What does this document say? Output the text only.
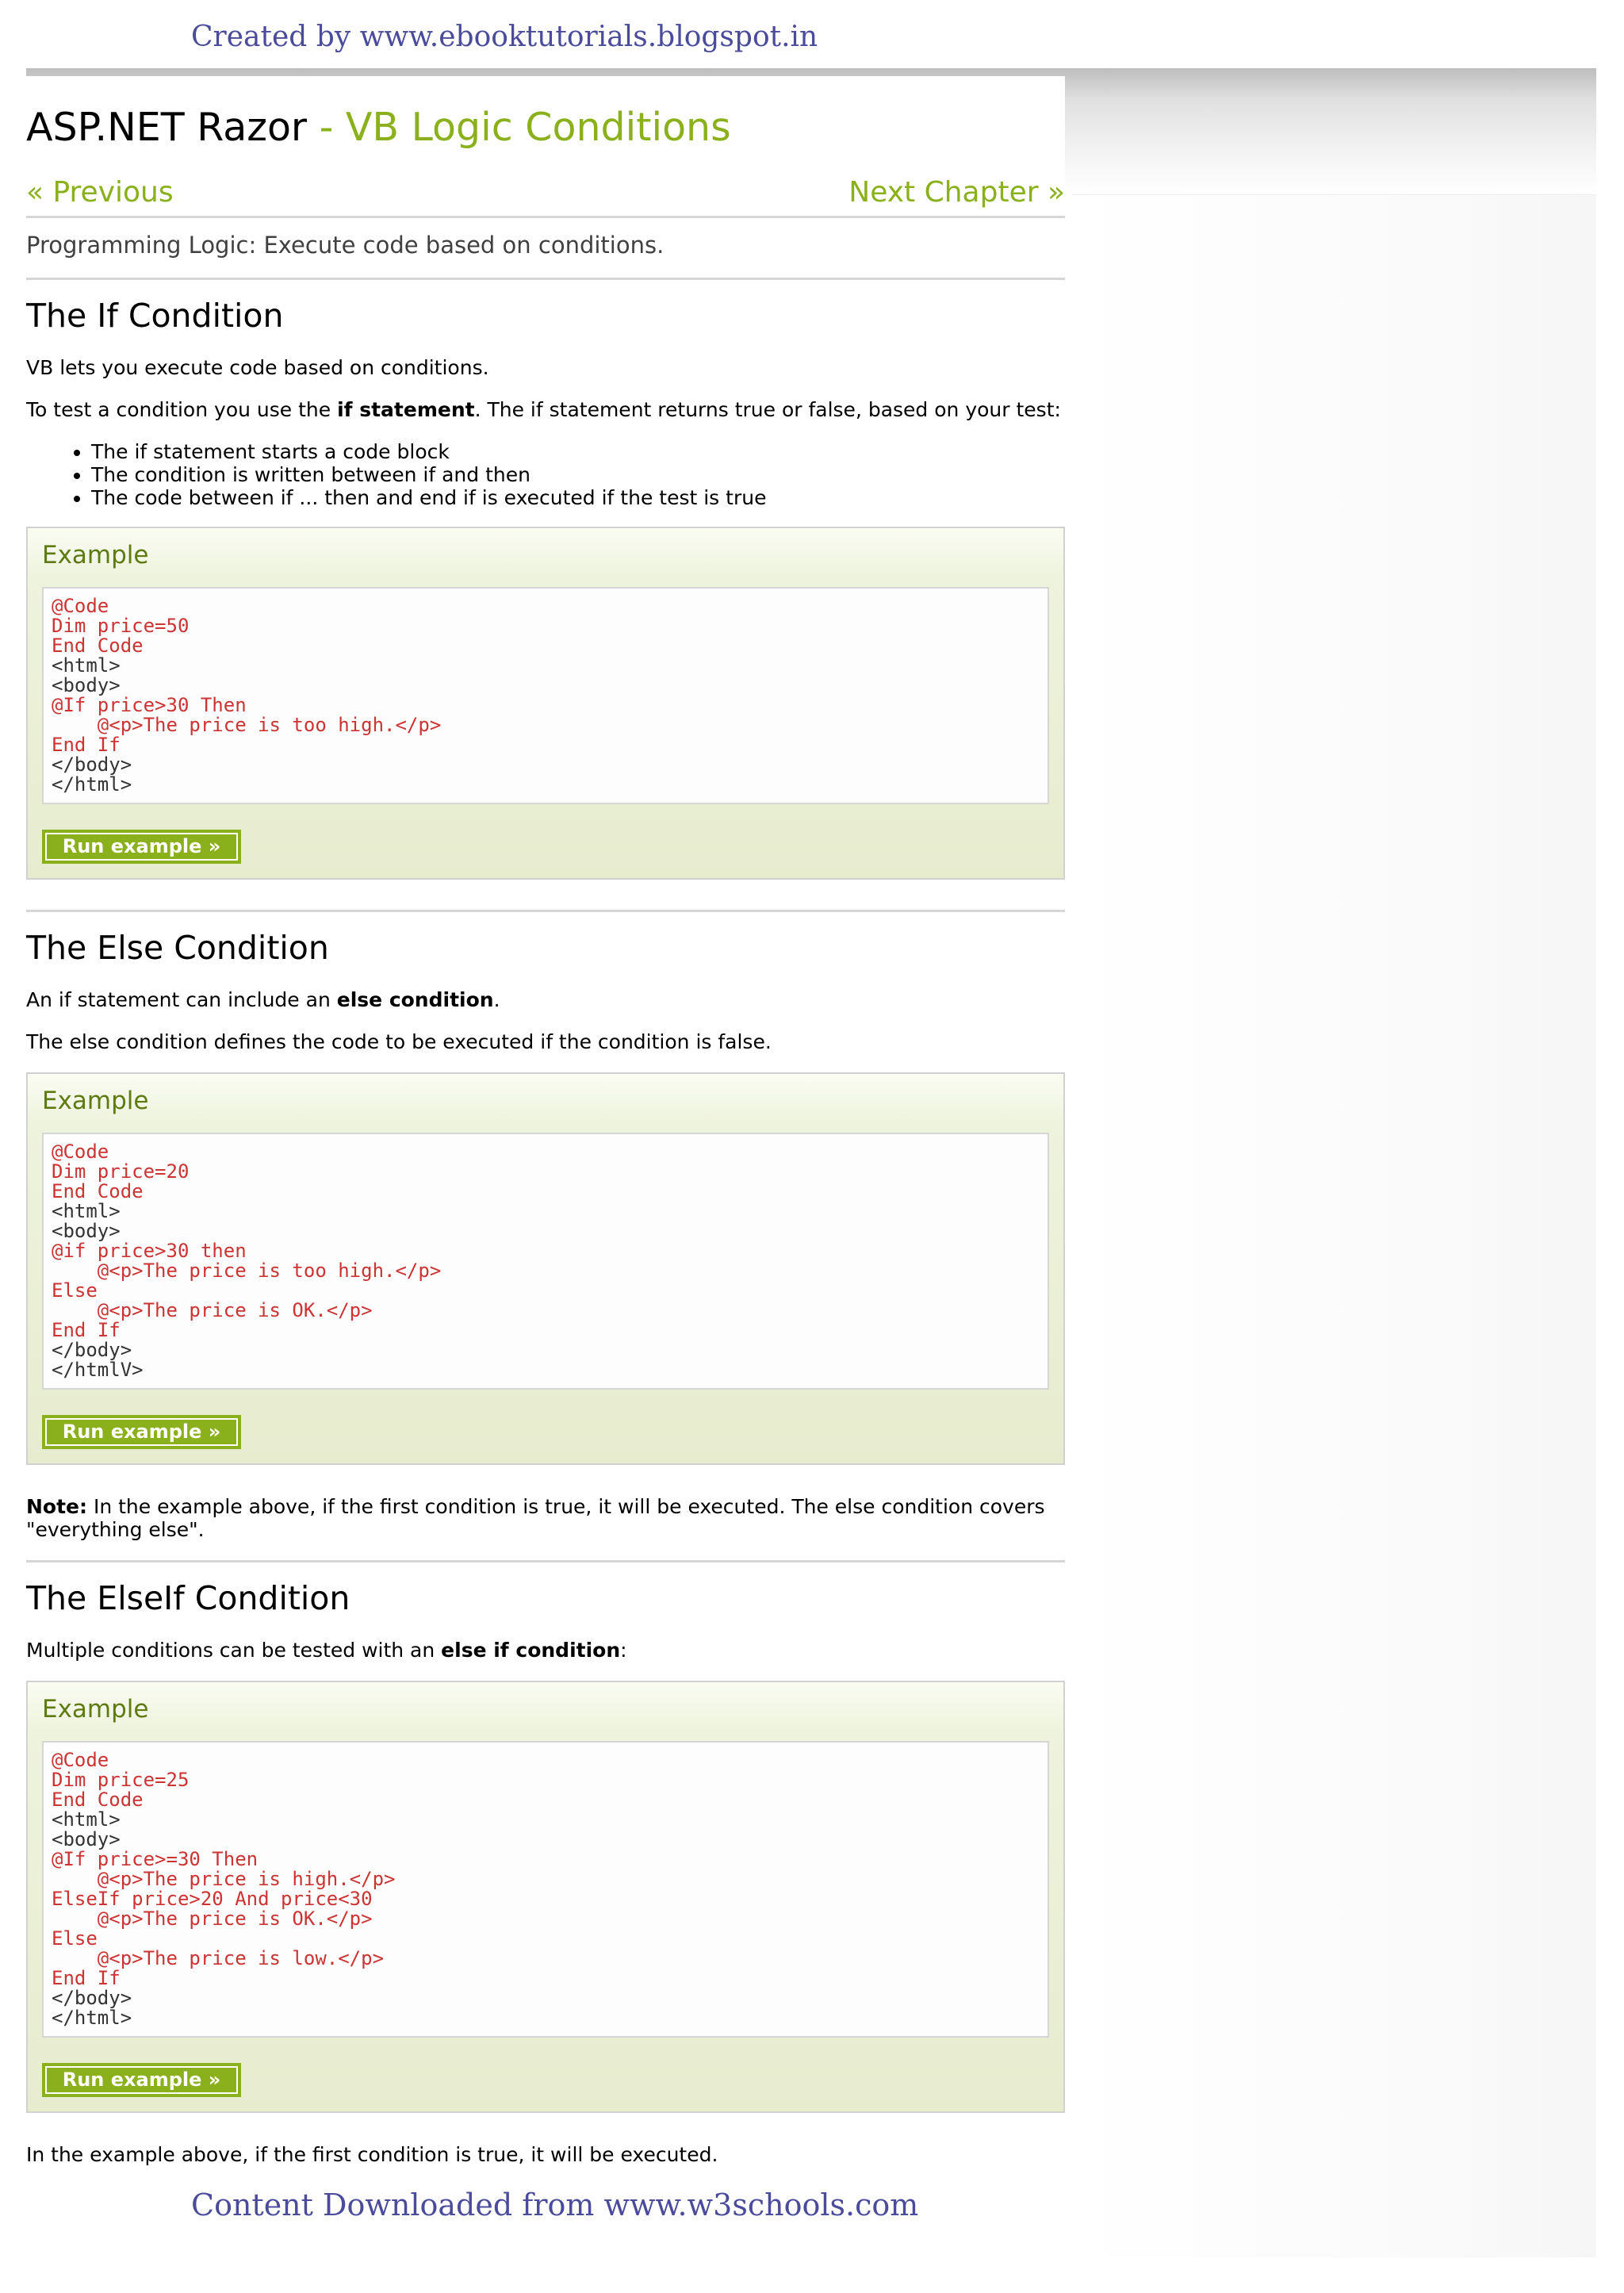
Created by www.ebooktutorials.blogspot.in
ASP.NET Razor - VB Logic Conditions
« Previous	Next Chapter »

Programming Logic: Execute code based on conditions.

The If Condition

VB lets you execute code based on conditions.

To test a condition you use the if statement. The if statement returns true or false, based on your test:

• The if statement starts a code block
• The condition is written between if and then
• The code between if ... then and end if is executed if the test is true
Example
@Code
Dim price=50
End Code
<html>
<body>
@If price>30 Then
@<p>The price is too high.</p>
End If
</body>
</html>
Run example »
The Else Condition

An if statement can include an else condition.

The else condition defines the code to be executed if the condition is false.

Example
@Code
Dim price=20
End Code
<html>
<body>
@if price>30 then
@<p>The price is too high.</p>
Else
@<p>The price is OK.</p>
End If
</body>
</htmlV>
Run example »

Note: In the example above, if the first condition is true, it will be executed. The else condition covers "everything else".

The ElseIf Condition

Multiple conditions can be tested with an else if condition:

Example
@Code
Dim price=25
End Code
<html>
<body>
@If price>=30 Then
@<p>The price is high.</p>
ElseIf price>20 And price<30
@<p>The price is OK.</p>
Else
@<p>The price is low.</p>
End If
</body>
</html>
Run example »

In the example above, if the first condition is true, it will be executed.

Content Downloaded from www.w3schools.com
